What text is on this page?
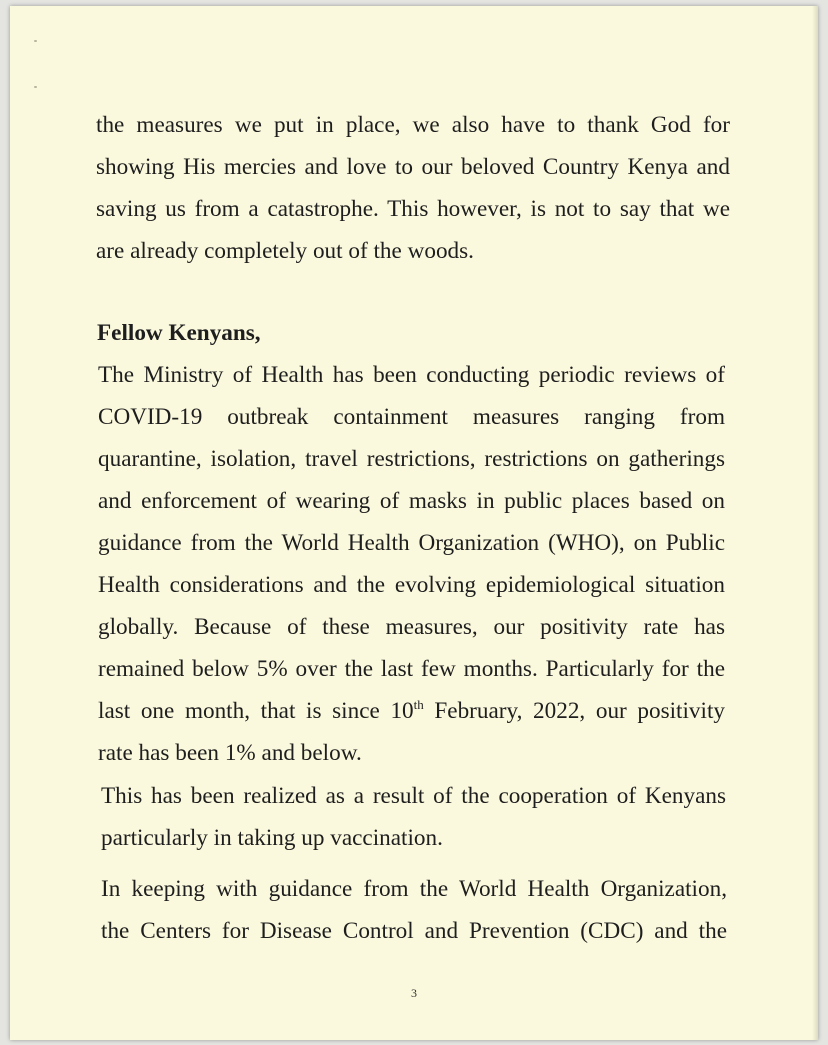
the measures we put in place, we also have to thank God for
showing His mercies and love to our beloved Country Kenya and
saving us from a catastrophe. This however, is not to say that we
are already completely out of the woods.
Fellow Kenyans,
The Ministry of Health has been conducting periodic reviews of
COVID-19 outbreak containment measures ranging from
quarantine, isolation, travel restrictions, restrictions on gatherings
and enforcement of wearing of masks in public places based on
guidance from the World Health Organization (WHO), on Public
Health considerations and the evolving epidemiological situation
globally. Because of these measures, our positivity rate has
remained below 5% over the last few months. Particularly for the
last one month, that is since 10th February, 2022, our positivity
rate has been 1% and below.
This has been realized as a result of the cooperation of Kenyans
particularly in taking up vaccination.
In keeping with guidance from the World Health Organization,
the Centers for Disease Control and Prevention (CDC) and the
3
